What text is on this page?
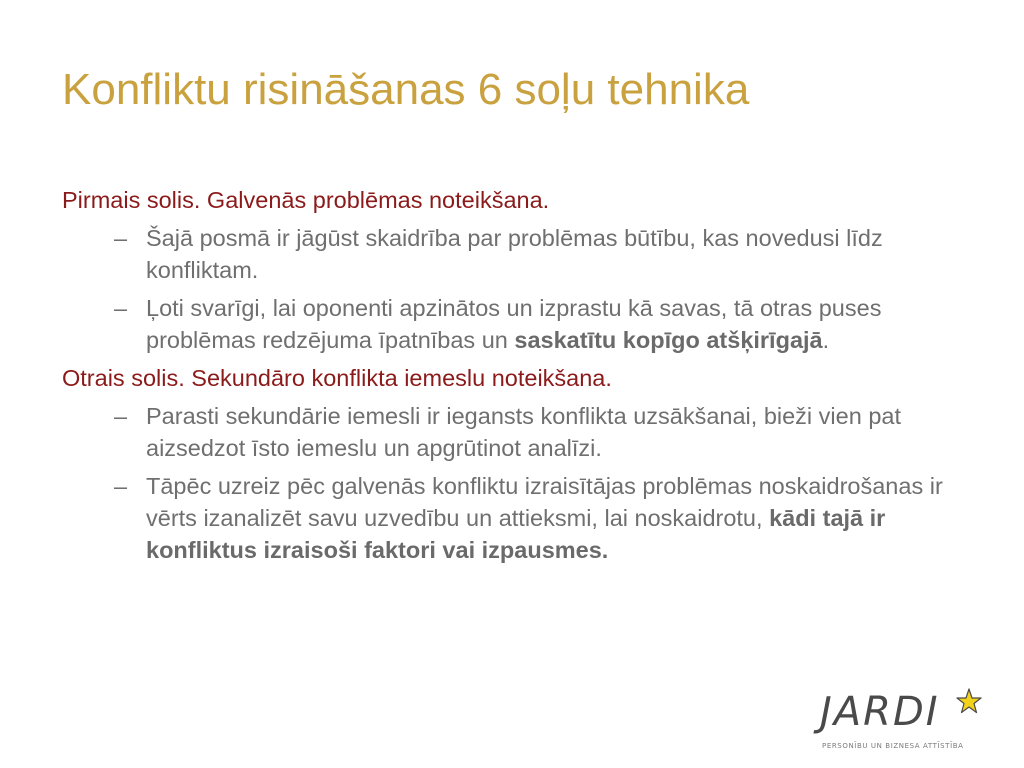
Konfliktu risināšanas 6 soļu tehnika

Pirmais solis. Galvenās problēmas noteikšana.

– Šajā posmā ir jāgūst skaidrība par problēmas būtību, kas novedusi līdz konfliktam.

– Ļoti svarīgi, lai oponenti apzinātos un izprastu kā savas, tā otras puses problēmas redzējuma īpatnības un saskatītu kopīgo atšķirīgajā.

Otrais solis. Sekundāro konflikta iemeslu noteikšana.

– Parasti sekundārie iemesli ir iegansts konflikta uzsākšanai, bieži vien pat aizsedzot īsto iemeslu un apgrūtinot analīzi.

– Tāpēc uzreiz pēc galvenās konfliktu izraisītājas problēmas noskaidrošanas ir vērts izanalizēt savu uzvedību un attieksmi, lai noskaidrotu, kādi tajā ir konfliktus izraisoši faktori vai izpausmes.

JARDI
PERSONĪBU UN BIZNESA ATTĪSTĪBA
